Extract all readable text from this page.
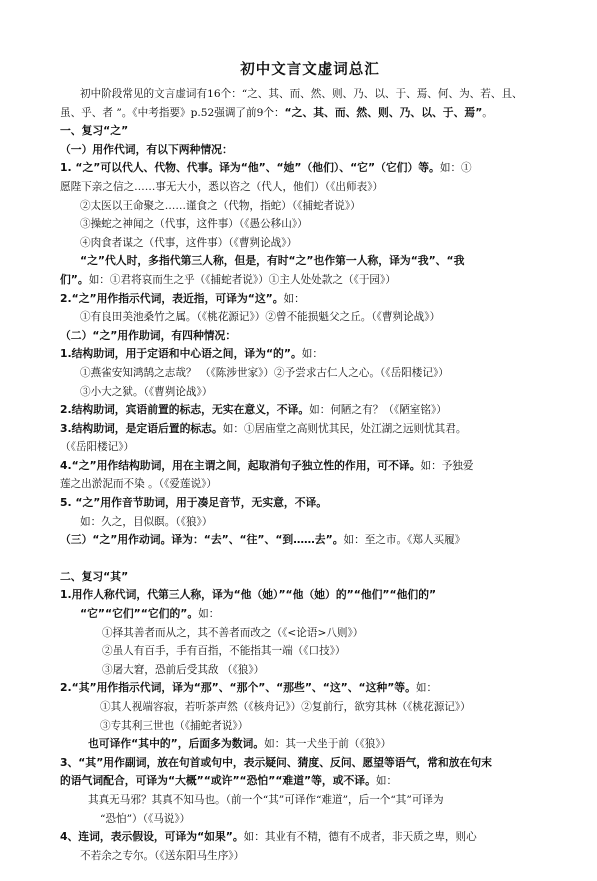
初中文言文虚词总汇
初中阶段常见的文言虚词有16个：“之、其、而、然、则、乃、以、于、焉、何、为、若、且、
虽、乎、者 ”。《中考指要》p.52强调了前9个：“之、其、而、然、则、乃、以、于、焉”。
一、复习“之”
（一）用作代词，有以下两种情况：
1. “之”可以代人、代物、代事。译为“他”、“她”（他们）、“它”（它们）等。如：①
愿陛下亲之信之……事无大小，悉以咨之（代人，他们）（《出师表》）
②太医以王命聚之……谨食之（代物，指蛇）（《捕蛇者说》）
③操蛇之神闻之（代事，这件事）（《愚公移山》）
④肉食者谋之（代事，这件事）（《曹刿论战》）
“之”代人时，多指代第三人称，但是，有时“之”也作第一人称，译为“我”、“我
们”。如：①君将哀而生之乎（《捕蛇者说》）①主人处处款之（《于园》）
2.“之”用作指示代词，表近指，可译为“这”。如：
①有良田美池桑竹之属。（《桃花源记》）②曾不能损魁父之丘。（《曹刿论战》）
（二）“之”用作助词，有四种情况：
1.结构助词，用于定语和中心语之间，译为“的”。如：
①燕雀安知鸿鹄之志哉？ （《陈涉世家》）②予尝求古仁人之心。（《岳阳楼记》）
③小大之狱。（《曹刿论战》）
2.结构助词，宾语前置的标志，无实在意义，不译。如：何陋之有？（《陋室铭》）
3.结构助词，是定语后置的标志。如：①居庙堂之高则忧其民，处江湖之远则忧其君。
（《岳阳楼记》）
4.“之”用作结构助词，用在主谓之间，起取消句子独立性的作用，可不译。如：予独爱
莲之出淤泥而不染 。（《爱莲说》）
5. “之”用作音节助词，用于凑足音节，无实意，不译。
如：久之，目似瞑。（《狼》）
（三）“之”用作动词。译为：“去”、“往”、“到……去”。如：至之市。《郑人买履》
二、复习“其”
1.用作人称代词，代第三人称，译为“他（她）”“他（她）的”“他们”“他们的”
“它”“它们”“它们的”。如：
①择其善者而从之，其不善者而改之（《<论语>八则》）
②虽人有百手，手有百指，不能指其一端（《口技》）
③屠大窘，恐前后受其敌 （《狼》）
2.“其”用作指示代词，译为“那”、“那个”、“那些”、“这”、“这种”等。如：
①其人视端容寂，若听茶声然（《核舟记》）②复前行，欲穷其林（《桃花源记》）
③专其利三世也（《捕蛇者说》）
也可译作“其中的”，后面多为数词。如：其一犬坐于前（《狼》）
3、“其”用作副词，放在句首或句中，表示疑问、猜度、反问、愿望等语气，常和放在句末
的语气词配合，可译为“大概”“或许”“恐怕”“难道”等，或不译。如：
其真无马邪？其真不知马也。（前一个“其”可译作“难道”，后一个“其”可译为
“恐怕”）（《马说》）
4、连词，表示假设，可译为“如果”。如：其业有不精，德有不成者，非天质之卑，则心
不若余之专尔。（《送东阳马生序》）
